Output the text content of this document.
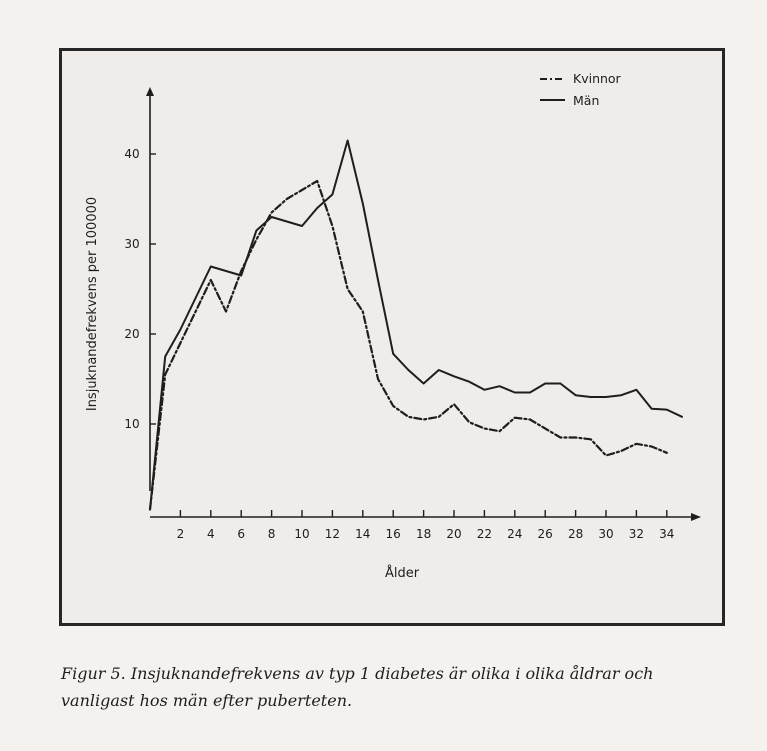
10
20
30
40
2 4 6 8 10 12 14 16 18 20 22 24 26 28 30 32 34
Insjuknandefrekvens per 100000
Ålder
Kvinnor
Män
Figur 5. Insjuknandefrekvens av typ 1 diabetes är olika i olika åldrar och vanligast hos män efter puberteten.
